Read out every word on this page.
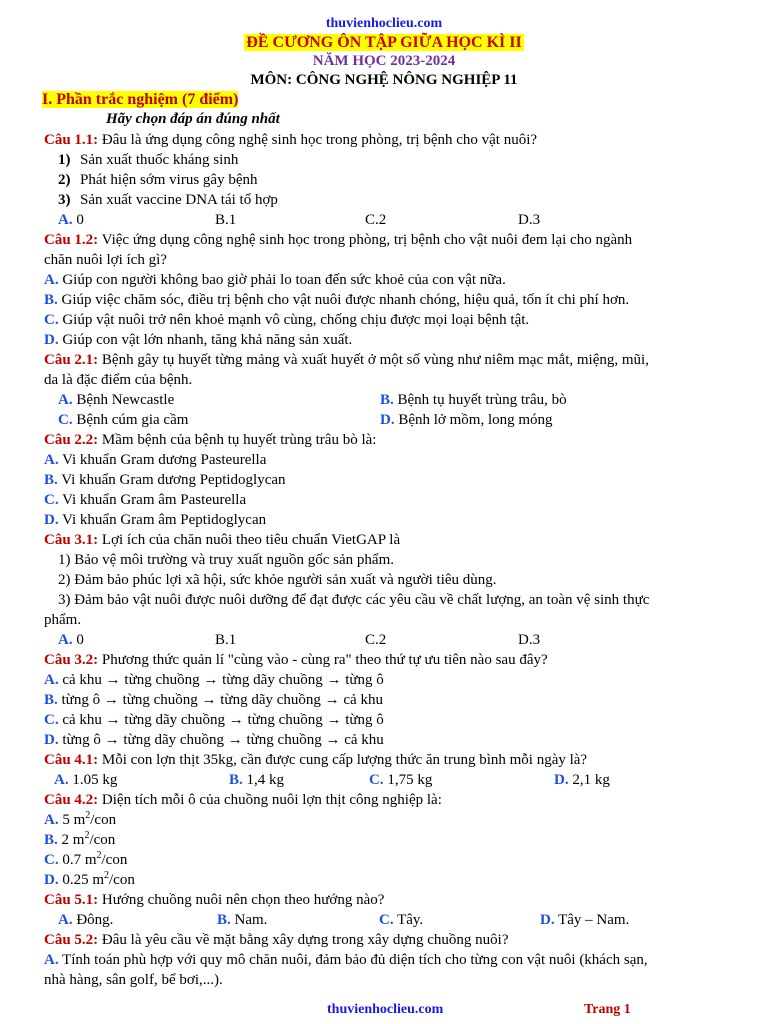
thuvienhoclieu.com
ĐỀ CƯƠNG ÔN TẬP GIỮA HỌC KÌ II
NĂM HỌC 2023-2024
MÔN: CÔNG NGHỆ NÔNG NGHIỆP 11
I. Phần trắc nghiệm (7 điểm)
Hãy chọn đáp án đúng nhất
Câu 1.1: Đâu là ứng dụng công nghệ sinh học trong phòng, trị bệnh cho vật nuôi?
1) Sản xuất thuốc kháng sinh
2) Phát hiện sớm virus gây bệnh
3) Sản xuất vaccine DNA tái tổ hợp
A. 0	B.1	C.2	D.3
Câu 1.2: Việc ứng dụng công nghệ sinh học trong phòng, trị bệnh cho vật nuôi đem lại cho ngành
chăn nuôi lợi ích gì?
A. Giúp con người không bao giờ phải lo toan đến sức khoẻ của con vật nữa.
B. Giúp việc chăm sóc, điều trị bệnh cho vật nuôi được nhanh chóng, hiệu quả, tốn ít chi phí hơn.
C. Giúp vật nuôi trở nên khoẻ mạnh vô cùng, chống chịu được mọi loại bệnh tật.
D. Giúp con vật lớn nhanh, tăng khả năng sản xuất.
Câu 2.1: Bệnh gây tụ huyết từng mảng và xuất huyết ở một số vùng như niêm mạc mắt, miệng, mũi,
da là đặc điểm của bệnh.
A. Bệnh Newcastle	B. Bệnh tụ huyết trùng trâu, bò
C. Bệnh cúm gia cầm	D. Bệnh lở mồm, long móng
Câu 2.2: Mầm bệnh của bệnh tụ huyết trùng trâu bò là:
A. Vi khuẩn Gram dương Pasteurella
B. Vi khuẩn Gram dương Peptidoglycan
C. Vi khuẩn Gram âm Pasteurella
D. Vi khuẩn Gram âm Peptidoglycan
Câu 3.1: Lợi ích của chăn nuôi theo tiêu chuẩn VietGAP là
1) Bảo vệ môi trường và truy xuất nguồn gốc sản phẩm.
2) Đảm bảo phúc lợi xã hội, sức khỏe người sản xuất và người tiêu dùng.
3) Đảm bảo vật nuôi được nuôi dưỡng để đạt được các yêu cầu về chất lượng, an toàn vệ sinh thực
phẩm.
A. 0	B.1	C.2	D.3
Câu 3.2: Phương thức quản lí "cùng vào - cùng ra" theo thứ tự ưu tiên nào sau đây?
A. cả khu → từng chuồng → từng dãy chuồng → từng ô
B. từng ô → từng chuồng → từng dãy chuồng → cả khu
C. cả khu → từng dãy chuồng → từng chuồng → từng ô
D. từng ô → từng dãy chuồng → từng chuồng → cả khu
Câu 4.1: Mỗi con lợn thịt 35kg, cần được cung cấp lượng thức ăn trung bình mỗi ngày là?
A. 1.05 kg	B. 1,4 kg	C. 1,75 kg	D. 2,1 kg
Câu 4.2: Diện tích mỗi ô của chuồng nuôi lợn thịt công nghiệp là:
A. 5 $m^2$/con
B. 2 $m^2$/con
C. 0.7 $m^2$/con
D. 0.25 $m^2$/con
Câu 5.1: Hướng chuồng nuôi nên chọn theo hướng nào?
A. Đông.	B. Nam.	C. Tây.	D. Tây – Nam.
Câu 5.2: Đâu là yêu cầu về mặt bằng xây dựng trong xây dựng chuồng nuôi?
A. Tính toán phù hợp với quy mô chăn nuôi, đảm bảo đủ diện tích cho từng con vật nuôi (khách sạn,
nhà hàng, sân golf, bể bơi,...).
thuvienhoclieu.com	Trang 1
